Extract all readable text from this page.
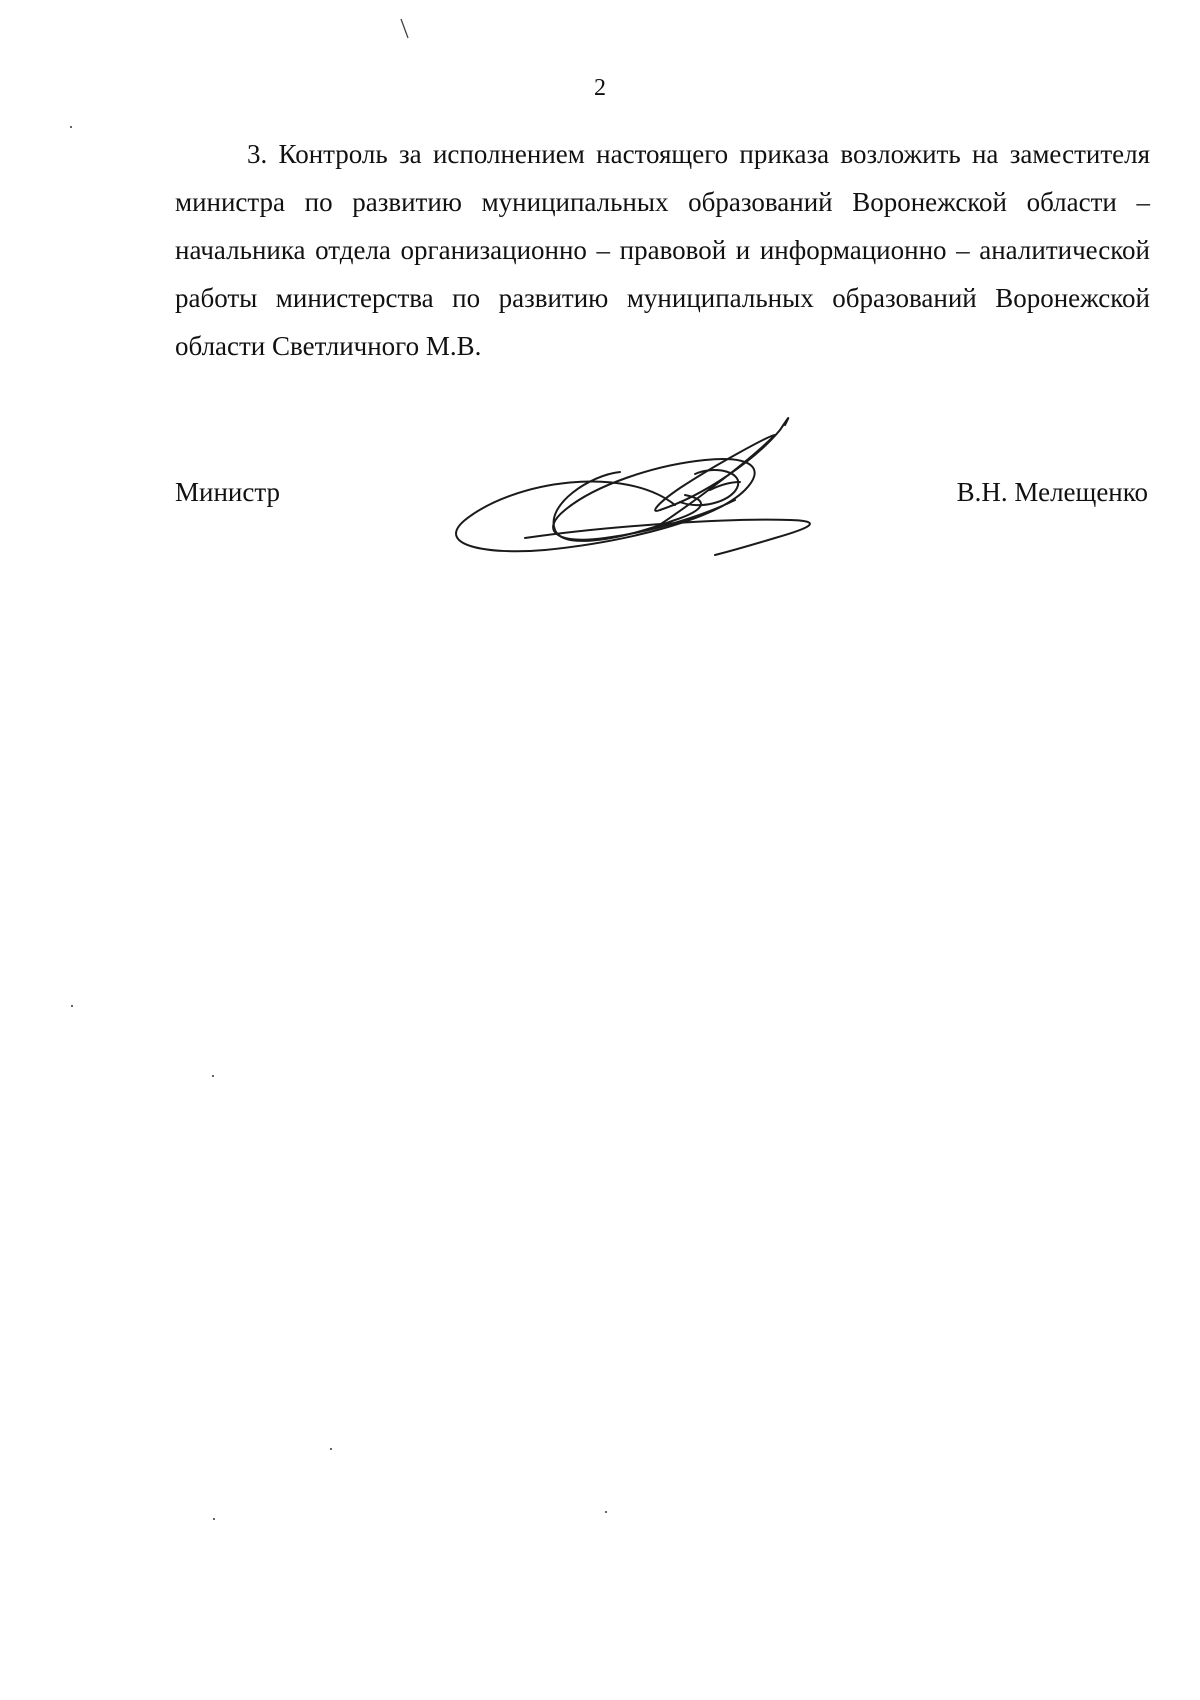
2

3. Контроль за исполнением настоящего приказа возложить на заместителя министра по развитию муниципальных образований Воронежской области – начальника отдела организационно – правовой и информационно – аналитической работы министерства по развитию муниципальных образований Воронежской области Светличного М.В.

Министр	В.Н. Мелещенко
